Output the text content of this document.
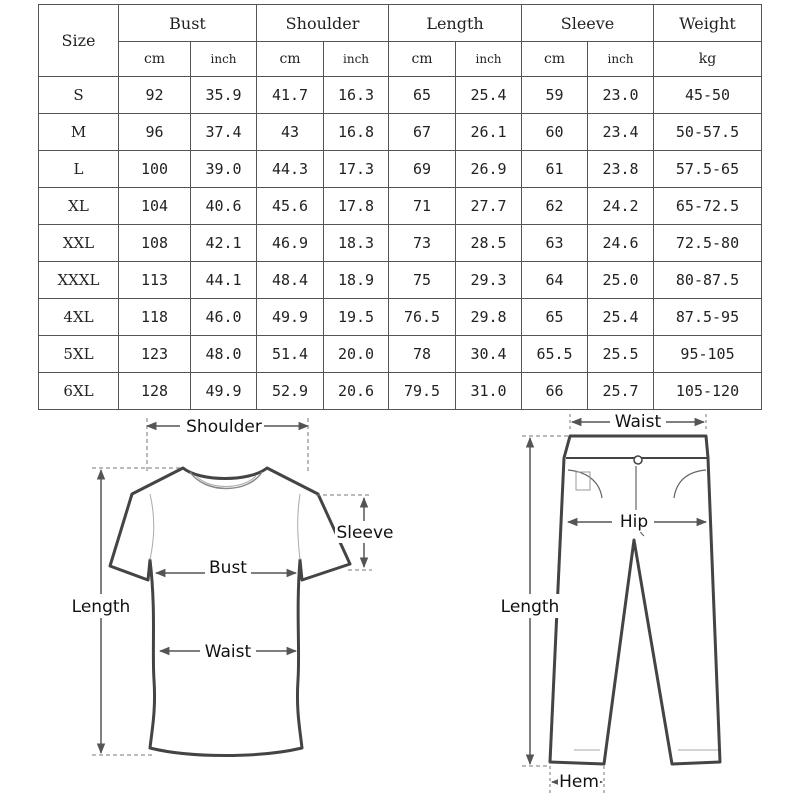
Size	Bust		Shoulder		Length		Sleeve		Weight
	cm	inch	cm	inch	cm	inch	cm	inch	kg
S	92	35.9	41.7	16.3	65	25.4	59	23.0	45-50
M	96	37.4	43	16.8	67	26.1	60	23.4	50-57.5
L	100	39.0	44.3	17.3	69	26.9	61	23.8	57.5-65
XL	104	40.6	45.6	17.8	71	27.7	62	24.2	65-72.5
XXL	108	42.1	46.9	18.3	73	28.5	63	24.6	72.5-80
XXXL	113	44.1	48.4	18.9	75	29.3	64	25.0	80-87.5
4XL	118	46.0	49.9	19.5	76.5	29.8	65	25.4	87.5-95
5XL	123	48.0	51.4	20.0	78	30.4	65.5	25.5	95-105
6XL	128	49.9	52.9	20.6	79.5	31.0	66	25.7	105-120
Shoulder
Sleeve
Bust
Waist
Length
Waist
Hip
Length
Hem
